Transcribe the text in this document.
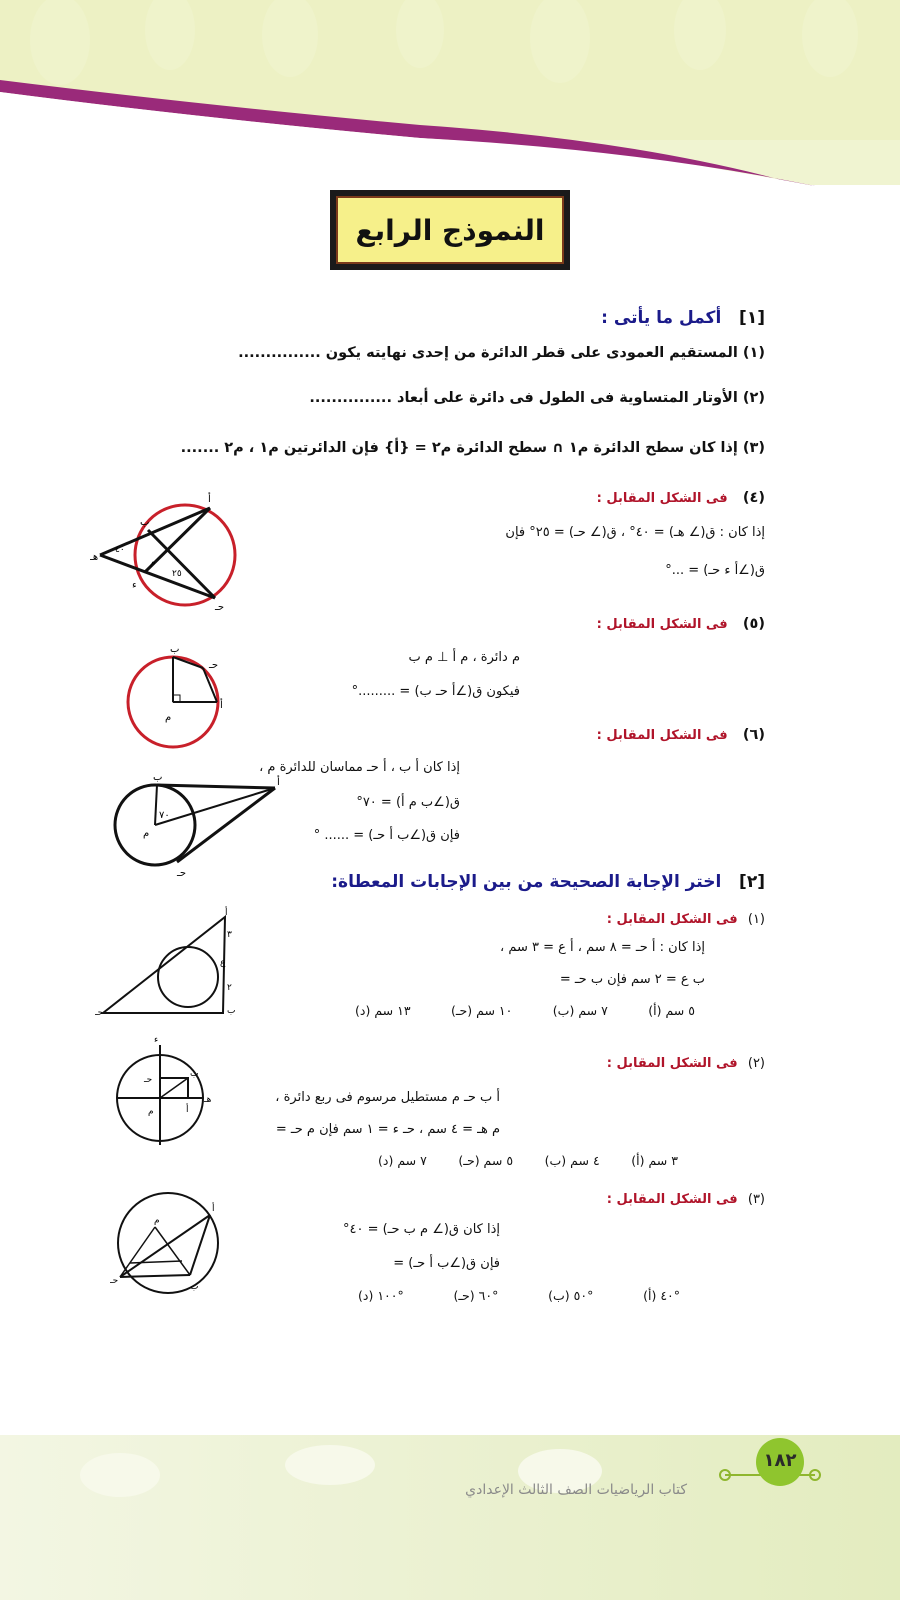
النموذج الرابع
[١]   أكمل ما يأتى :
(١) المستقيم العمودى على قطر الدائرة من إحدى نهايته يكون ...............
(٢) الأوتار المتساوية فى الطول فى دائرة على أبعاد ...............
(٣) إذا كان سطح الدائرة م١ ∩ سطح الدائرة م٢ = {أ} فإن الدائرتين م١ ، م٢ .......
(٤)   فى الشكل المقابل :
إذا كان : ق(∠ هـ) = ٤٠° ، ق(∠ حـ) = ٢٥° فإن
ق(∠أ ء حـ) = ...°
أ
ب
هـ
٤٠
ء
م
٢٥
حـ
(٥)   فى الشكل المقابل :
م دائرة ، م أ ⊥ م ب
فيكون ق(∠أ حـ ب) = .........°
ب
حـ
م
أ
(٦)   فى الشكل المقابل :
إذا كان أ ب ، أ حـ مماسان للدائرة م ،
ق(∠ب م أ) = ٧٠°
فإن ق(∠ب أ حـ) = ...... °
ب
٧٠
م
أ
حـ	[٢]   اختر الإجابة الصحيحة من بين الإجابات المعطاة:
(١)  فى الشكل المقابل :
إذا كان : أ حـ = ٨ سم ، أ ع = ٣ سم ،
ب ع = ٢ سم فإن ب حـ =
(أ) ٥ سم
(ب) ٧ سم
(حـ) ١٠ سم
(د) ١٣ سم
أ
٣
ع
٢
ب
حـ
(٢)  فى الشكل المقابل :
أ ب حـ م مستطيل مرسوم فى ربع دائرة ،
م هـ = ٤ سم ، حـ ء = ١ سم فإن م حـ =
(أ) ٣ سم
(ب) ٤ سم
(حـ) ٥ سم
(د) ٧ سم
ء
حـ
ب
هـ
م	أ
(٣)  فى الشكل المقابل :
إذا كان ق(∠ م ب حـ) = ٤٠°
فإن ق(∠ب أ حـ) =
(أ) ٤٠°
(ب) ٥٠°
(حـ) ٦٠°
(د) ١٠٠°
أ
م
ب
حـ
١٨٢
كتاب الرياضيات الصف الثالث الإعدادي
